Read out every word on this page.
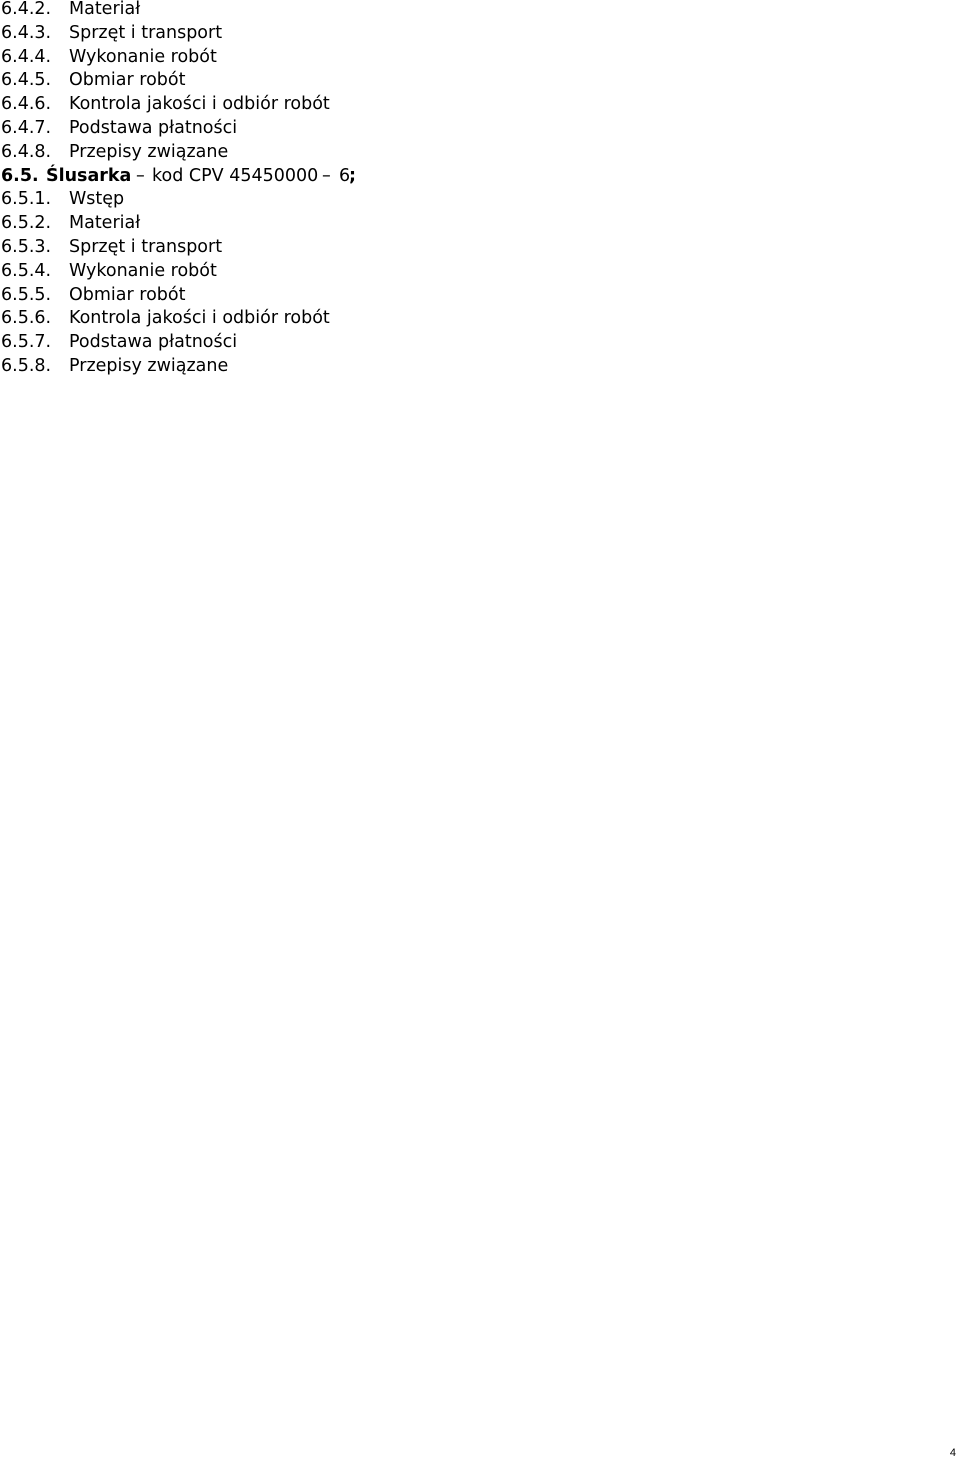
6.4.2. Materiał
6.4.3. Sprzęt i transport
6.4.4. Wykonanie robót
6.4.5. Obmiar robót
6.4.6. Kontrola jakości i odbiór robót
6.4.7. Podstawa płatności
6.4.8. Przepisy związane
6.5. Ślusarka – kod CPV 45450000 – 6
;
6.5.1. Wstęp
6.5.2. Materiał
6.5.3. Sprzęt i transport
6.5.4. Wykonanie robót
6.5.5. Obmiar robót
6.5.6. Kontrola jakości i odbiór robót
6.5.7. Podstawa płatności
6.5.8. Przepisy związane
4
